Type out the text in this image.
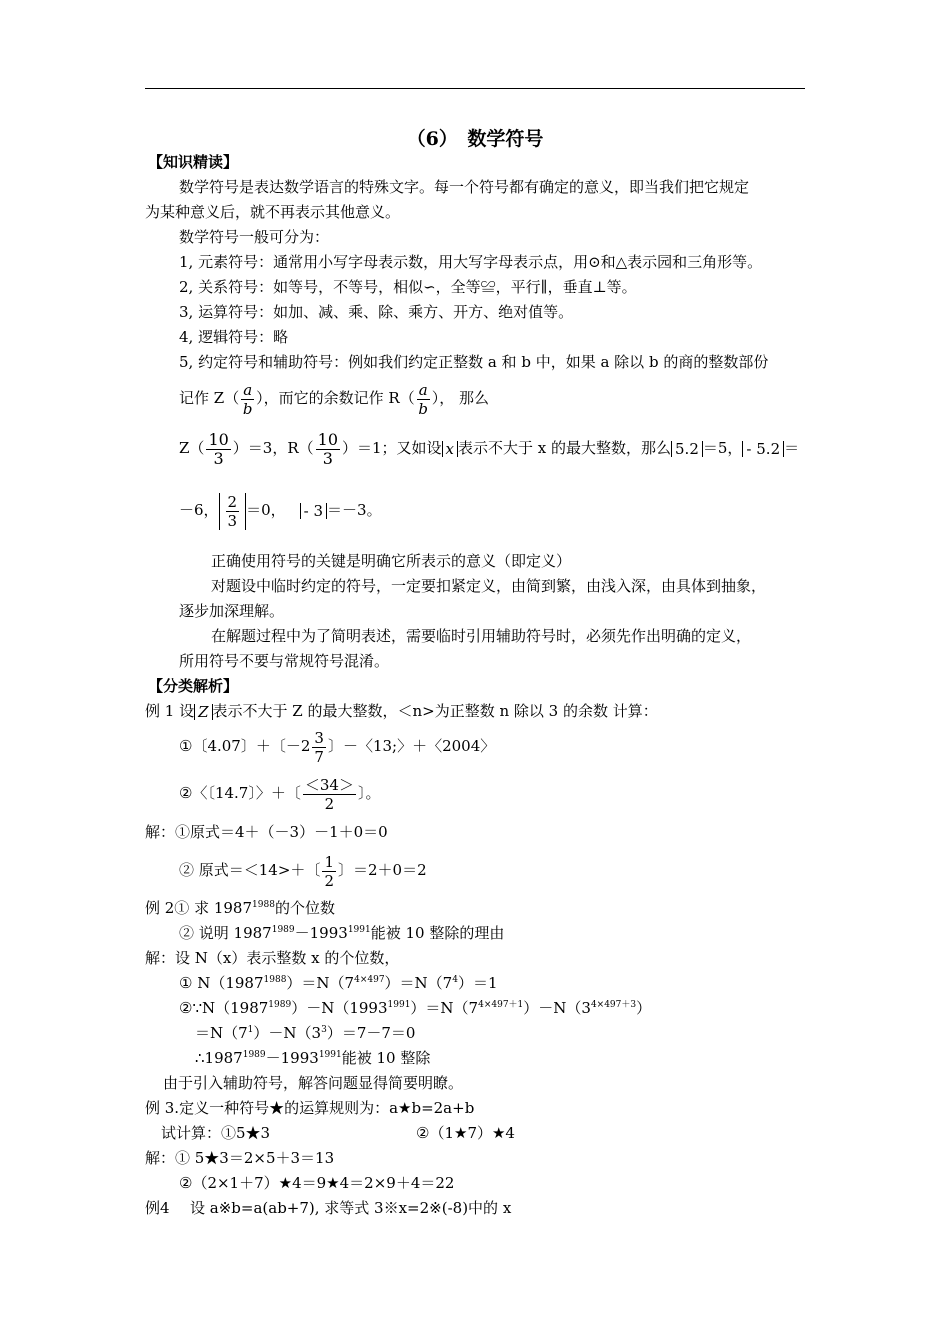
（6）　数学符号
【知识精读】
数学符号是表达数学语言的特殊文字。每一个符号都有确定的意义，即当我们把它规定
为某种意义后，就不再表示其他意义。
数学符号一般可分为：
1, 元素符号：通常用小写字母表示数，用大写字母表示点，用⊙和△表示园和三角形等。
2, 关系符号：如等号，不等号，相似∽，全等≌，平行∥，垂直⊥等。
3, 运算符号：如加、减、乘、除、乘方、开方、绝对值等。
4, 逻辑符号：略
5, 约定符号和辅助符号：例如我们约定正整数 a 和 b 中，如果 a 除以 b 的商的整数部份
记作 $Z( \frac{a}{b}$ ），而它的余数记作 $R( \frac{a}{b}$ ）， 那么
$Z( \frac{10}{3} )=3$，$R( \frac{10}{3} )=1$；又如设 x 表示不大于 x 的最大整数，那么 5.2 ＝5， - 5.2 ＝
－6， $\frac{2}{3} =0$， - 3 ＝－3。
正确使用符号的关键是明确它所表示的意义（即定义）
对题设中临时约定的符号，一定要扣紧定义，由简到繁，由浅入深，由具体到抽象，
逐步加深理解。
在解题过程中为了简明表述，需要临时引用辅助符号时，必须先作出明确的定义，
所用符号不要与常规符号混淆。
【分类解析】
例 1 设 Z 表示不大于 Z 的最大整数，＜n>为正整数 n 除以 3 的余数 计算：
①〔4.07〕＋〔$-2 \frac{3}{7}$ 〕－〈13;〉＋〈2004〉
②〈〔14.7〕〉＋〔 $\frac{<34>}{2}$ 〕。
解：①原式＝4＋（－3）－1＋0＝0
② 原式＝＜14>＋〔 $\frac{1}{2}$ 〕＝2＋0＝2
例 2① 求 $1987^{1988}$的个位数
② 说明 $1987^{1989}-1993^{1991}$能被 10 整除的理由
解：设 N（x）表示整数 x 的个位数，
① $N(1987^{1988})=N(7^{4\times 497})=N(7^4)=1$
$②\because N(1987^{1989})-N(1993^{1991})=N(7^{4\times 497+1})-N(3^{4\times 497+3})$
$=N(7^1)-N(3^3)=7-7=0$
$\therefore 1987^{1989}-1993^{1991}$能被 10 整除
由于引入辅助符号，解答问题显得简要明瞭。
例 3.定义一种符号★的运算规则为：a★b=2a+b
试计算：①5★3	②（1★7）★4
解：① 5★3＝2×5＋3＝13
②（2×1＋7）★4＝9★4＝2×9＋4＝22
例4 设 a※b=a(ab+7), 求等式 3※x=2※(-8)中的 x
